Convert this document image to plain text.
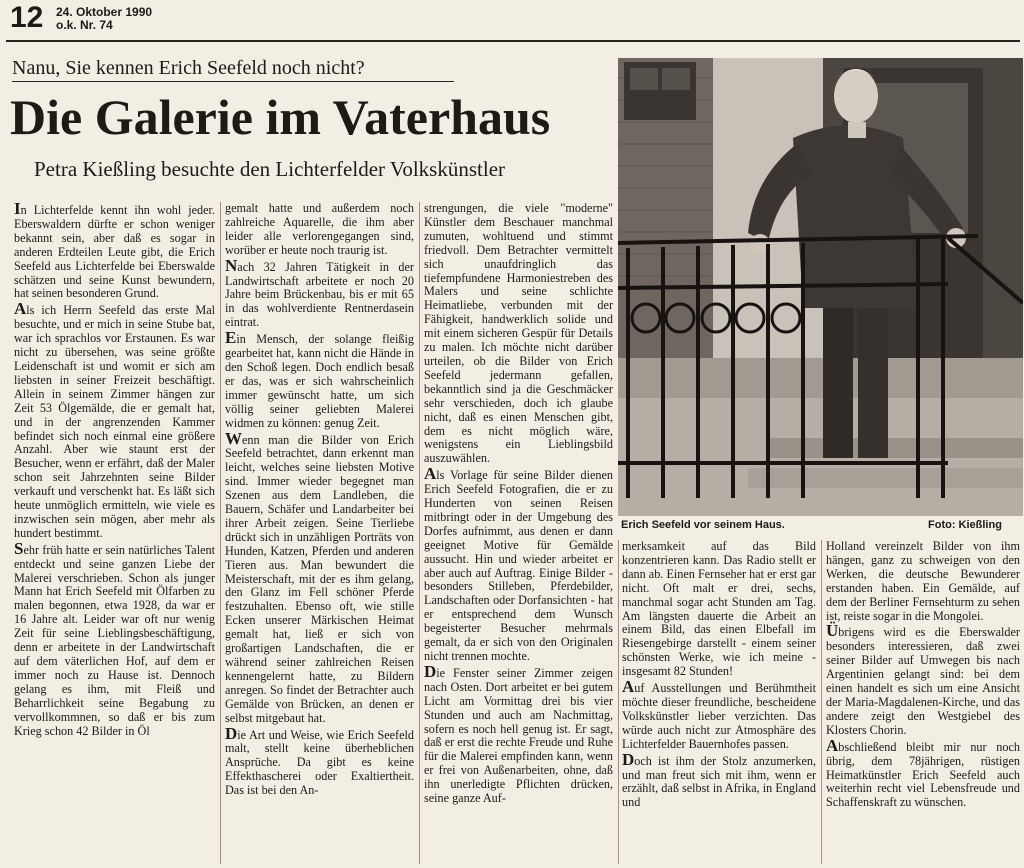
12 24. Oktober 1990
o.k. Nr. 74
Nanu, Sie kennen Erich Seefeld noch nicht?
Die Galerie im Vaterhaus
Petra Kießling besuchte den Lichterfelder Volkskünstler
Erich Seefeld vor seinem Haus.	Foto: Kießling

In Lichterfelde kennt ihn wohl jeder. Eberswaldern dürfte er schon weniger bekannt sein, aber daß es sogar in anderen Erdteilen Leute gibt, die Erich Seefeld aus Lichterfelde bei Eberswalde schätzen und seine Kunst bewundern, hat seinen besonderen Grund.

Als ich Herrn Seefeld das erste Mal besuchte, und er mich in seine Stube bat, war ich sprachlos vor Erstaunen. Es war nicht zu übersehen, was seine größte Leidenschaft ist und womit er sich am liebsten in seiner Freizeit beschäftigt. Allein in seinem Zimmer hängen zur Zeit 53 Ölgemälde, die er gemalt hat, und in der angrenzenden Kammer befindet sich noch einmal eine größere Anzahl. Aber wie staunt erst der Besucher, wenn er erfährt, daß der Maler schon seit Jahrzehnten seine Bilder verkauft und verschenkt hat. Es läßt sich heute unmöglich ermitteln, wie viele es inzwischen sein mögen, aber mehr als hundert bestimmt.

Sehr früh hatte er sein natürliches Talent entdeckt und seine ganzen Liebe der Malerei verschrieben. Schon als junger Mann hat Erich Seefeld mit Ölfarben zu malen begonnen, etwa 1928, da war er 16 Jahre alt. Leider war oft nur wenig Zeit für seine Lieblingsbeschäftigung, denn er arbeitete in der Landwirtschaft auf dem väterlichen Hof, auf dem er immer noch zu Hause ist. Dennoch gelang es ihm, mit Fleiß und Beharrlichkeit seine Begabung zu vervollkommnen, so daß er bis zum Krieg schon 42 Bilder in Öl

gemalt hatte und außerdem noch zahlreiche Aquarelle, die ihm aber leider alle verlorengegangen sind, worüber er heute noch traurig ist.

Nach 32 Jahren Tätigkeit in der Landwirtschaft arbeitete er noch 20 Jahre beim Brückenbau, bis er mit 65 in das wohlverdiente Rentnerdasein eintrat.

Ein Mensch, der solange fleißig gearbeitet hat, kann nicht die Hände in den Schoß legen. Doch endlich besaß er das, was er sich wahrscheinlich immer gewünscht hatte, um sich völlig seiner geliebten Malerei widmen zu können: genug Zeit.

Wenn man die Bilder von Erich Seefeld betrachtet, dann erkennt man leicht, welches seine liebsten Motive sind. Immer wieder begegnet man Szenen aus dem Landleben, die Bauern, Schäfer und Landarbeiter bei ihrer Arbeit zeigen. Seine Tierliebe drückt sich in unzähligen Porträts von Hunden, Katzen, Pferden und anderen Tieren aus. Man bewundert die Meisterschaft, mit der es ihm gelang, den Glanz im Fell schöner Pferde festzuhalten. Ebenso oft, wie stille Ecken unserer Märkischen Heimat gemalt hat, ließ er sich von großartigen Landschaften, die er während seiner zahlreichen Reisen kennengelernt hatte, zu Bildern anregen. So findet der Betrachter auch Gemälde von Brücken, an denen er selbst mitgebaut hat.

Die Art und Weise, wie Erich Seefeld malt, stellt keine überheblichen Ansprüche. Da gibt es keine Effekthascherei oder Exaltiertheit. Das ist bei den An-

strengungen, die viele "moderne" Künstler dem Beschauer manchmal zumuten, wohltuend und stimmt friedvoll. Dem Betrachter vermittelt sich unaufdringlich das tiefempfundene Harmoniestreben des Malers und seine schlichte Heimatliebe, verbunden mit der Fähigkeit, handwerklich solide und mit einem sicheren Gespür für Details zu malen. Ich möchte nicht darüber urteilen, ob die Bilder von Erich Seefeld jedermann gefallen, bekanntlich sind ja die Geschmäcker sehr verschieden, doch ich glaube nicht, daß es einen Menschen gibt, dem es nicht möglich wäre, wenigstens ein Lieblingsbild auszuwählen.

Als Vorlage für seine Bilder dienen Erich Seefeld Fotografien, die er zu Hunderten von seinen Reisen mitbringt oder in der Umgebung des Dorfes aufnimmt, aus denen er dann geeignet Motive für Gemälde aussucht. Hin und wieder arbeitet er aber auch auf Auftrag. Einige Bilder - besonders Stilleben, Pferdebilder, Landschaften oder Dorfansichten - hat er entsprechend dem Wunsch begeisterter Besucher mehrmals gemalt, da er sich von den Originalen nicht trennen mochte.

Die Fenster seiner Zimmer zeigen nach Osten. Dort arbeitet er bei gutem Licht am Vormittag drei bis vier Stunden und auch am Nachmittag, sofern es noch hell genug ist. Er sagt, daß er erst die rechte Freude und Ruhe für die Malerei empfinden kann, wenn er frei von Außenarbeiten, ohne, daß ihn unerledigte Pflichten drücken, seine ganze Auf-

merksamkeit auf das Bild konzentrieren kann. Das Radio stellt er dann ab. Einen Fernseher hat er erst gar nicht. Oft malt er drei, sechs, manchmal sogar acht Stunden am Tag. Am längsten dauerte die Arbeit an einem Bild, das einen Elbefall im Riesengebirge darstellt - einem seiner schönsten Werke, wie ich meine - insgesamt 82 Stunden!

Auf Ausstellungen und Berühmtheit möchte dieser freundliche, bescheidene Volkskünstler lieber verzichten. Das würde auch nicht zur Atmosphäre des Lichterfelder Bauernhofes passen.

Doch ist ihm der Stolz anzumerken, und man freut sich mit ihm, wenn er erzählt, daß selbst in Afrika, in England und

Holland vereinzelt Bilder von ihm hängen, ganz zu schweigen von den Werken, die deutsche Bewunderer erstanden haben. Ein Gemälde, auf dem der Berliner Fernsehturm zu sehen ist, reiste sogar in die Mongolei.

Übrigens wird es die Eberswalder besonders interessieren, daß zwei seiner Bilder auf Umwegen bis nach Argentinien gelangt sind: bei dem einen handelt es sich um eine Ansicht der Maria-Magdalenen-Kirche, und das andere zeigt den Westgiebel des Klosters Chorin.

Abschließend bleibt mir nur noch übrig, dem 78jährigen, rüstigen Heimatkünstler Erich Seefeld auch weiterhin recht viel Lebensfreude und Schaffenskraft zu wünschen.
